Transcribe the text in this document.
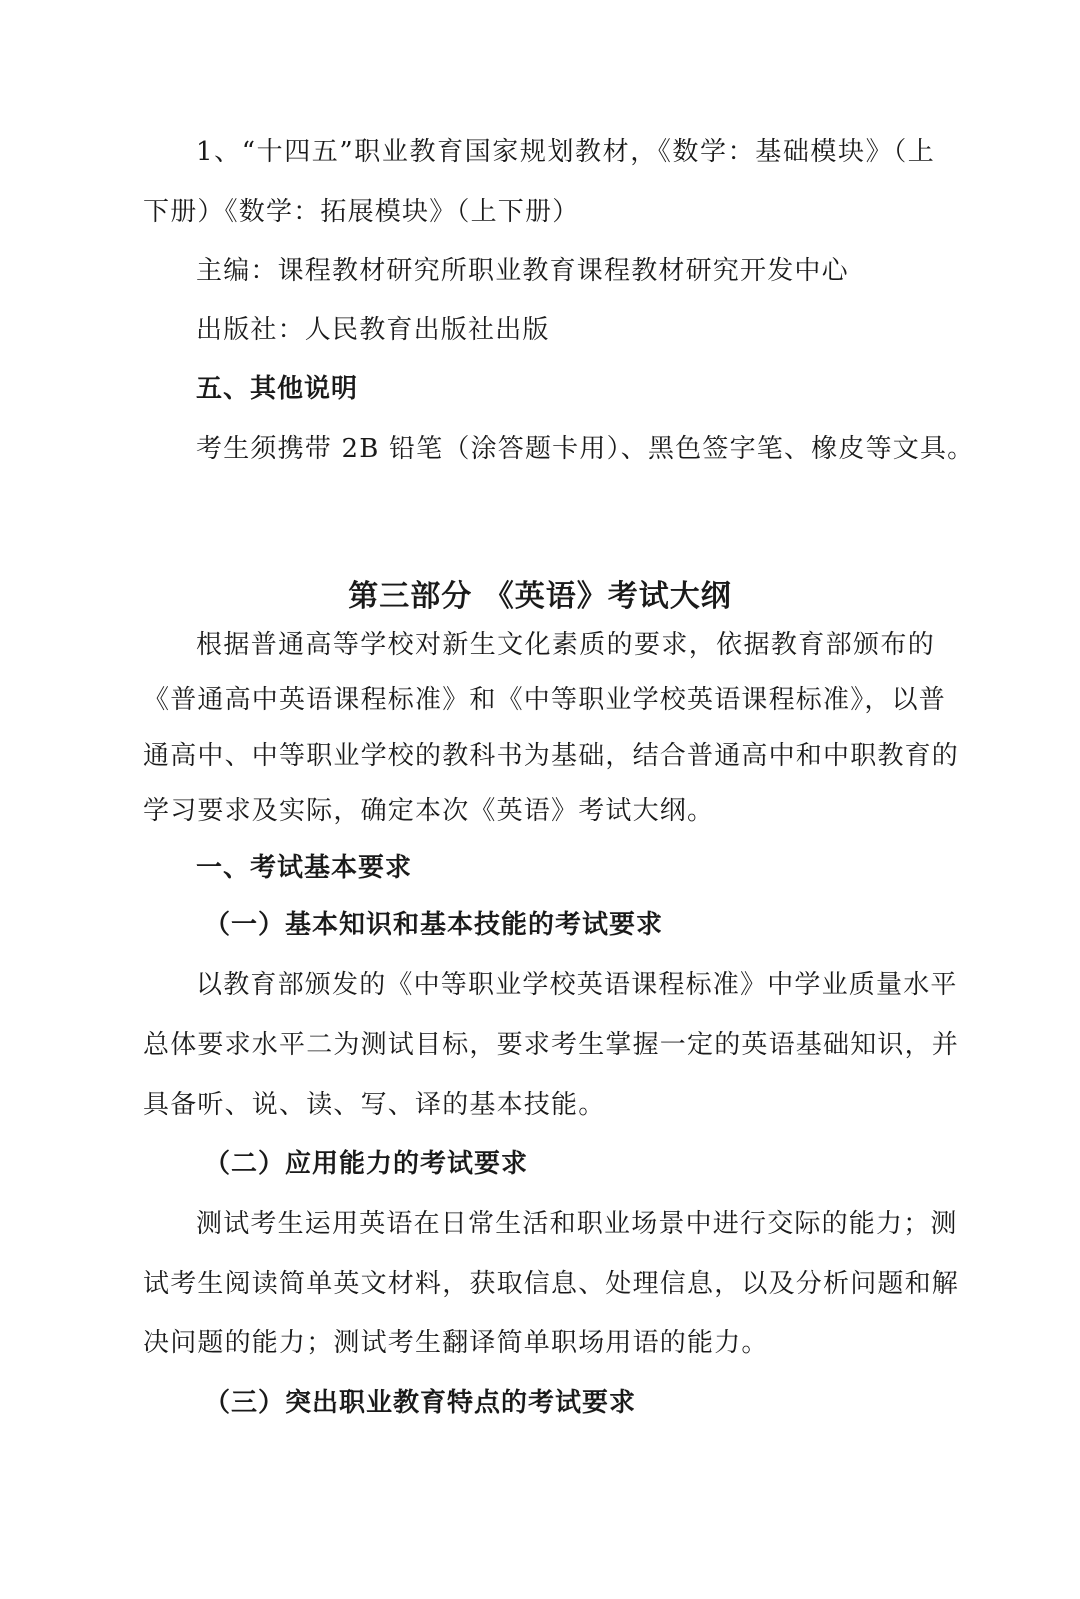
1、“十四五”职业教育国家规划教材，《数学：基础模块》（上
下册）《数学：拓展模块》（上下册）
主编：课程教材研究所职业教育课程教材研究开发中心
出版社：人民教育出版社出版
五、其他说明
考生须携带 2B 铅笔（涂答题卡用）、黑色签字笔、橡皮等文具。
第三部分 《英语》考试大纲
根据普通高等学校对新生文化素质的要求，依据教育部颁布的
《普通高中英语课程标准》和《中等职业学校英语课程标准》，以普
通高中、中等职业学校的教科书为基础，结合普通高中和中职教育的
学习要求及实际，确定本次《英语》考试大纲。
一、考试基本要求
（一）基本知识和基本技能的考试要求
以教育部颁发的《中等职业学校英语课程标准》中学业质量水平
总体要求水平二为测试目标，要求考生掌握一定的英语基础知识，并
具备听、说、读、写、译的基本技能。
（二）应用能力的考试要求
测试考生运用英语在日常生活和职业场景中进行交际的能力；测
试考生阅读简单英文材料，获取信息、处理信息，以及分析问题和解
决问题的能力；测试考生翻译简单职场用语的能力。
（三）突出职业教育特点的考试要求
